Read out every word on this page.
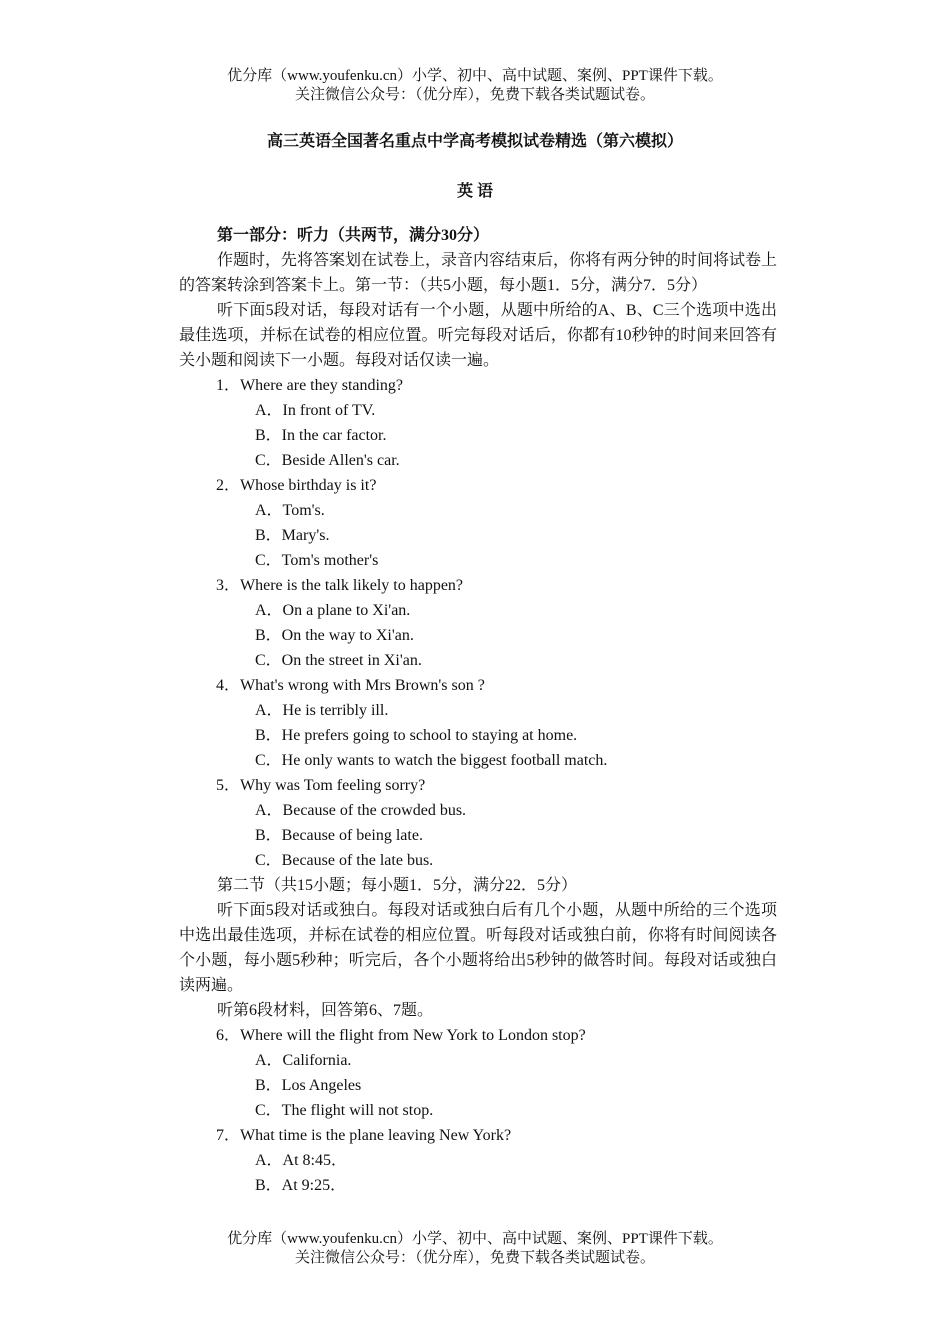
优分库（www.youfenku.cn）小学、初中、高中试题、案例、PPT课件下载。
关注微信公众号：（优分库），免费下载各类试题试卷。
高三英语全国著名重点中学高考模拟试卷精选（第六模拟）
英 语
第一部分：听力（共两节，满分30分）

作题时，先将答案划在试卷上，录音内容结束后，你将有两分钟的时间将试卷上的答案转涂到答案卡上。第一节：（共5小题，每小题1．5分，满分7．5分）

听下面5段对话，每段对话有一个小题，从题中所给的A、B、C三个选项中选出最佳选项，并标在试卷的相应位置。听完每段对话后，你都有10秒钟的时间来回答有关小题和阅读下一小题。每段对话仅读一遍。

1．Where are they standing?
A．In front of TV.
B．In the car factor.
C．Beside Allen's car.
2．Whose birthday is it?
A．Tom's.
B．Mary's.
C．Tom's mother's
3．Where is the talk likely to happen?
A．On a plane to Xi'an.
B．On the way to Xi'an.
C．On the street in Xi'an.
4．What's wrong with Mrs Brown's son ?
A．He is terribly ill.
B．He prefers going to school to staying at home.
C．He only wants to watch the biggest football match.
5．Why was Tom feeling sorry?
A．Because of the crowded bus.
B．Because of being late.
C．Because of the late bus.
第二节（共15小题；每小题1．5分，满分22．5分）

听下面5段对话或独白。每段对话或独白后有几个小题，从题中所给的三个选项中选出最佳选项，并标在试卷的相应位置。听每段对话或独白前，你将有时间阅读各个小题，每小题5秒种；听完后，各个小题将给出5秒钟的做答时间。每段对话或独白读两遍。

听第6段材料，回答第6、7题。
6．Where will the flight from New York to London stop?
A．California.
B．Los Angeles
C．The flight will not stop.
7．What time is the plane leaving New York?
A．At 8:45．
B．At 9:25．
优分库（www.youfenku.cn）小学、初中、高中试题、案例、PPT课件下载。
关注微信公众号：（优分库），免费下载各类试题试卷。
